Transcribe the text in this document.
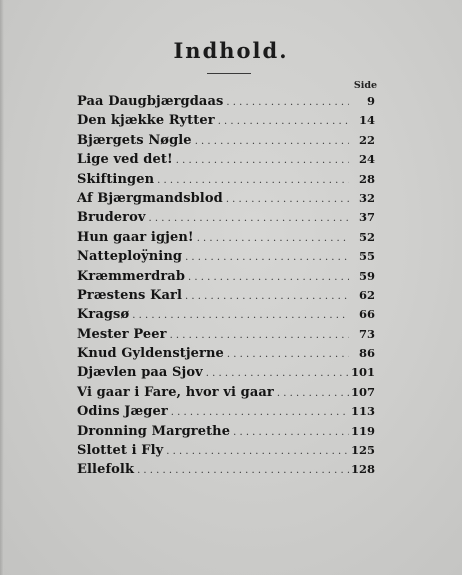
Indhold.
Side
Paa Daugbjærgdaas . . .	9
Den kjække Rytter . . .	14
Bjærgets Nøgle . . .	22
Lige ved det! . . .	24
Skiftingen . . .	28
Af Bjærgmandsblod . . .	32
Bruderov . . .	37
Hun gaar igjen! . . .	52
Natteploÿning . . .	55
Kræmmerdrab . . .	59
Præstens Karl . . .	62
Kragsø . . .	66
Mester Peer . . .	73
Knud Gyldenstjerne . . .	86
Djævlen paa Sjov . . .	101
Vi gaar i Fare, hvor vi gaar . . .	107
Odins Jæger . . .	113
Dronning Margrethe . . .	119
Slottet i Fly . . .	125
Ellefolk . . .	128
